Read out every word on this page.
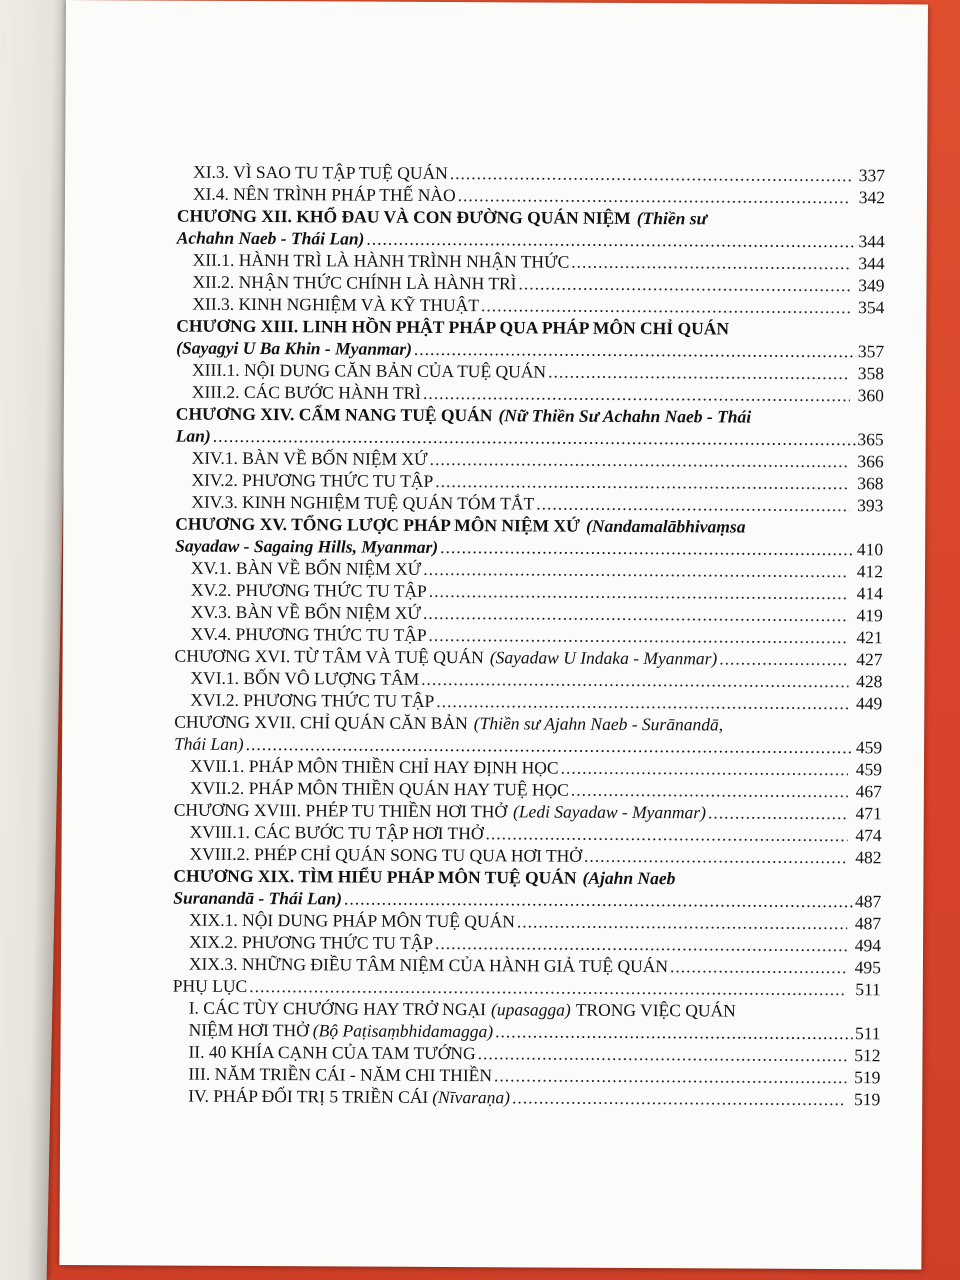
XI.3. VÌ SAO TU TẬP TUỆ QUÁN .....	337
XI.4. NÊN TRÌNH PHÁP THẾ NÀO .....	342
CHƯƠNG XII. KHỔ ĐAU VÀ CON ĐƯỜNG QUÁN NIỆM (Thiền sư
Achahn Naeb - Thái Lan) .....	344
XII.1. HÀNH TRÌ LÀ HÀNH TRÌNH NHẬN THỨC .....	344
XII.2. NHẬN THỨC CHÍNH LÀ HÀNH TRÌ .....	349
XII.3. KINH NGHIỆM VÀ KỸ THUẬT .....	354
CHƯƠNG XIII. LINH HỒN PHẬT PHÁP QUA PHÁP MÔN CHỈ QUÁN
(Sayagyi U Ba Khin - Myanmar) .....	357
XIII.1. NỘI DUNG CĂN BẢN CỦA TUỆ QUÁN .....	358
XIII.2. CÁC BƯỚC HÀNH TRÌ .....	360
CHƯƠNG XIV. CẨM NANG TUỆ QUÁN (Nữ Thiền Sư Achahn Naeb - Thái
Lan) .....	365
XIV.1. BÀN VỀ BỐN NIỆM XỨ .....	366
XIV.2. PHƯƠNG THỨC TU TẬP .....	368
XIV.3. KINH NGHIỆM TUỆ QUÁN TÓM TẮT .....	393
CHƯƠNG XV. TỔNG LƯỢC PHÁP MÔN NIỆM XỨ (Nandamalābhivaṃsa
Sayadaw - Sagaing Hills, Myanmar) .....	410
XV.1. BÀN VỀ BỐN NIỆM XỨ .....	412
XV.2. PHƯƠNG THỨC TU TẬP .....	414
XV.3. BÀN VỀ BỐN NIỆM XỨ .....	419
XV.4. PHƯƠNG THỨC TU TẬP .....	421
CHƯƠNG XVI. TỪ TÂM VÀ TUỆ QUÁN (Sayadaw U Indaka - Myanmar) .....	427
XVI.1. BỐN VÔ LƯỢNG TÂM .....	428
XVI.2. PHƯƠNG THỨC TU TẬP .....	449
CHƯƠNG XVII. CHỈ QUÁN CĂN BẢN (Thiền sư Ajahn Naeb - Surānandā,
Thái Lan) .....	459
XVII.1. PHÁP MÔN THIỀN CHỈ HAY ĐỊNH HỌC .....	459
XVII.2. PHÁP MÔN THIỀN QUÁN HAY TUỆ HỌC .....	467
CHƯƠNG XVIII. PHÉP TU THIỀN HƠI THỞ (Ledi Sayadaw - Myanmar) .....	471
XVIII.1. CÁC BƯỚC TU TẬP HƠI THỞ .....	474
XVIII.2. PHÉP CHỈ QUÁN SONG TU QUA HƠI THỞ .....	482
CHƯƠNG XIX. TÌM HIỂU PHÁP MÔN TUỆ QUÁN (Ajahn Naeb
Suranandā - Thái Lan) .....	487
XIX.1. NỘI DUNG PHÁP MÔN TUỆ QUÁN .....	487
XIX.2. PHƯƠNG THỨC TU TẬP .....	494
XIX.3. NHỮNG ĐIỀU TÂM NIỆM CỦA HÀNH GIẢ TUỆ QUÁN .....	495
PHỤ LỤC .....	511
I. CÁC TÙY CHƯỚNG HAY TRỞ NGẠI (upasagga) TRONG VIỆC QUÁN
NIỆM HƠI THỞ (Bộ Paṭisaṃbhidamagga) .....	511
II. 40 KHÍA CẠNH CỦA TAM TƯỚNG .....	512
III. NĂM TRIỀN CÁI - NĂM CHI THIỀN .....	519
IV. PHÁP ĐỐI TRỊ 5 TRIỀN CÁI (Nīvaraṇa) .....	519
